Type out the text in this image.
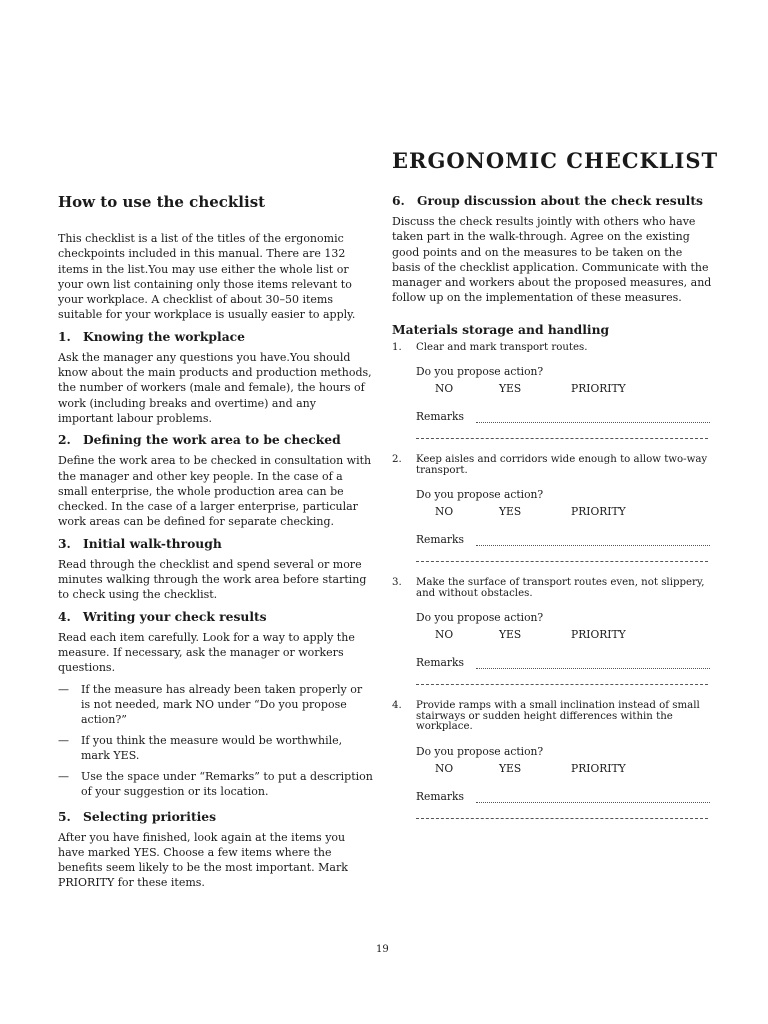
ERGONOMIC CHECKLIST
How to use the checklist

This checklist is a list of the titles of the ergonomic checkpoints included in this manual. There are 132 items in the list.You may use either the whole list or your own list containing only those items relevant to your workplace. A checklist of about 30–50 items suitable for your workplace is usually easier to apply.

1. Knowing the workplace

Ask the manager any questions you have.You should know about the main products and production methods, the number of workers (male and female), the hours of work (including breaks and overtime) and any important labour problems.

2. Defining the work area to be checked

Define the work area to be checked in consultation with the manager and other key people. In the case of a small enterprise, the whole production area can be checked. In the case of a larger enterprise, particular work areas can be defined for separate checking.

3. Initial walk-through

Read through the checklist and spend several or more minutes walking through the work area before starting to check using the checklist.

4. Writing your check results

Read each item carefully. Look for a way to apply the measure. If necessary, ask the manager or workers questions.

— If the measure has already been taken properly or is not needed, mark NO under “Do you propose action?”
— If you think the measure would be worthwhile, mark YES.
— Use the space under “Remarks” to put a description of your suggestion or its location.
5. Selecting priorities

After you have finished, look again at the items you have marked YES. Choose a few items where the benefits seem likely to be the most important. Mark PRIORITY for these items.

6. Group discussion about the check results

Discuss the check results jointly with others who have taken part in the walk-through. Agree on the existing good points and on the measures to be taken on the basis of the checklist application. Communicate with the manager and workers about the proposed measures, and follow up on the implementation of these measures.

Materials storage and handling

1. Clear and mark transport routes.

Do you propose action?
NO	YES	PRIORITY
Remarks

2. Keep aisles and corridors wide enough to allow two-way transport.

Do you propose action?
NO	YES	PRIORITY
Remarks

3. Make the surface of transport routes even, not slippery, and without obstacles.

Do you propose action?
NO	YES	PRIORITY
Remarks

4. Provide ramps with a small inclination instead of small stairways or sudden height differences within the workplace.

Do you propose action?
NO	YES	PRIORITY
Remarks
19
